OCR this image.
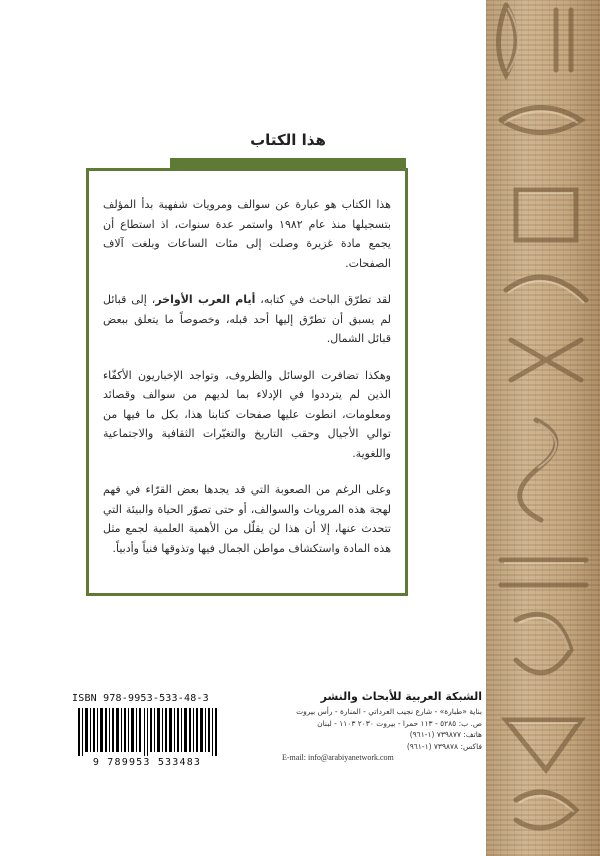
هذا الكتاب

هذا الكتاب هو عبارة عن سوالف ومرويات شفهية بدأ المؤلف بتسجيلها منذ عام ١٩٨٢ واستمر عدة سنوات، اذ استطاع أن يجمع مادة غزيرة وصلت إلى مئات الساعات وبلغت آلاف الصفحات.

لقد تطرّق الباحث في كتابه، أيام العرب الأواخر، إلى قبائل لم يسبق أن تطرّق إليها أحد قبله، وخصوصاً ما يتعلق ببعض قبائل الشمال.

وهكذا تضافرت الوسائل والظروف، وتواجد الإخباريون الأكفّاء الذين لم يترددوا في الإدلاء بما لديهم من سوالف وقصائد ومعلومات، انطوت عليها صفحات كتابنا هذا، بكل ما فيها من توالي الأجيال وحقب التاريخ والتغيّرات الثقافية والاجتماعية واللغوية.

وعلى الرغم من الصعوبة التي قد يجدها بعض القرّاء في فهم لهجة هذه المرويات والسوالف، أو حتى تصوّر الحياة والبيئة التي تتحدث عنها، إلا أن هذا لن يقلّل من الأهمية العلمية لجمع مثل هذه المادة واستكشاف مواطن الجمال فيها وتذوقها فنياً وأدبياً.

ISBN 978-9953-533-48-3
9 789953 533483
الشبكة العربية للأبحاث والنشر
بناية «طبارة» - شارع نجيب العرداتي - المنارة - رأس بيروت
ص. ب: ٥٢٨٥ - ١١٣ حمرا - بيروت ٢٠٣٠ ١١٠٣ - لبنان
هاتف: ٧٣٩٨٧٧ (١-٩٦١)
فاكس: ٧٣٩٨٧٨ (١-٩٦١)
E-mail: info@arabiyanetwork.com
